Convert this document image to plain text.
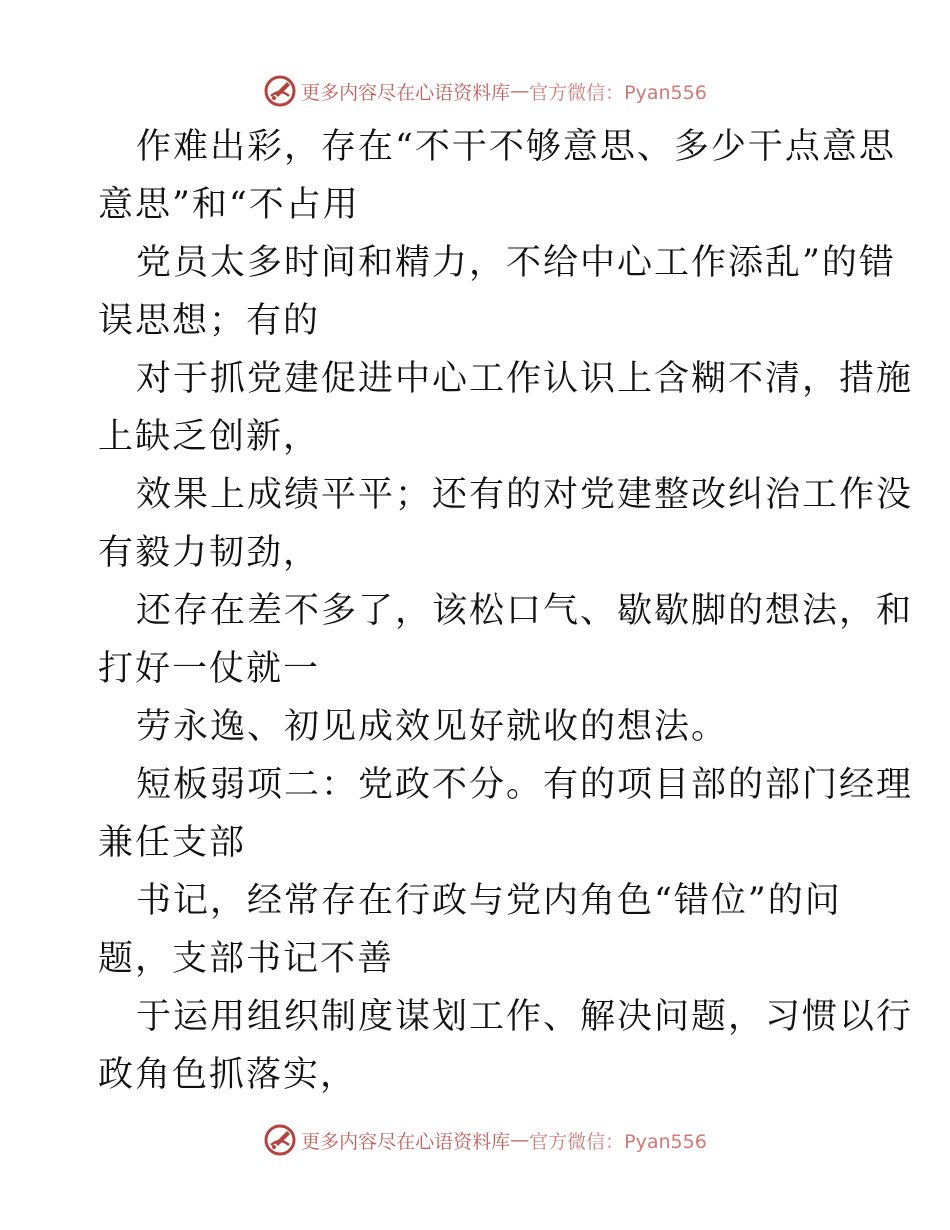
更多内容尽在心语资料库 — 官方微信：Pyan556
作难出彩，存在“不干不够意思、多少干点意思
意思”和“不占用
党员太多时间和精力，不给中心工作添乱”的错
误思想；有的
对于抓党建促进中心工作认识上含糊不清，措施
上缺乏创新，
效果上成绩平平；还有的对党建整改纠治工作没
有毅力韧劲，
还存在差不多了，该松口气、歇歇脚的想法，和
打好一仗就一
劳永逸、初见成效见好就收的想法。
短板弱项二：党政不分。有的项目部的部门经理
兼任支部
书记，经常存在行政与党内角色“错位”的问
题，支部书记不善
于运用组织制度谋划工作、解决问题，习惯以行
政角色抓落实，
更多内容尽在心语资料库 — 官方微信：Pyan556
